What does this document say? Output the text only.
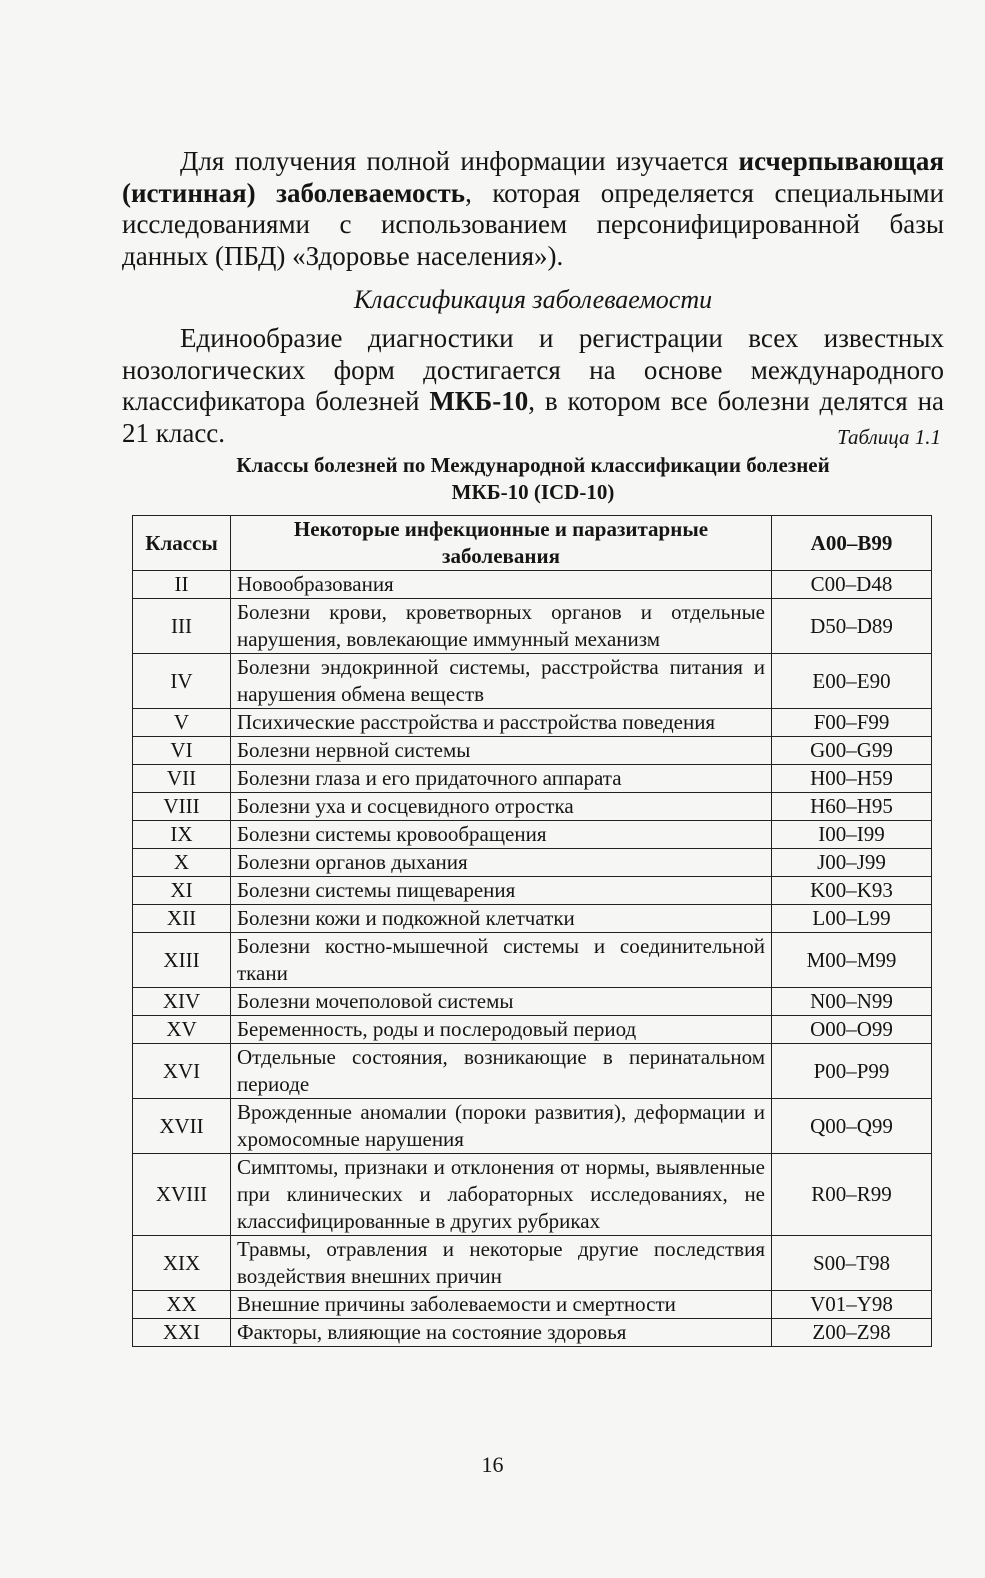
Для получения полной информации изучается исчерпывающая (истинная) заболеваемость, которая определяется специальными исследованиями с использованием персонифицированной базы данных (ПБД) «Здоровье населения»).

Классификация заболеваемости

Единообразие диагностики и регистрации всех известных нозологических форм достигается на основе международного классификатора болезней МКБ-10, в котором все болезни делятся на 21 класс.	Таблица 1.1
Классы болезней по Международной классификации болезней
МКБ-10 (ICD-10)
Классы	Некоторые инфекционные и паразитарные заболевания	A00–B99
II	Новообразования	C00–D48
III	Болезни крови, кроветворных органов и отдельные нарушения, вовлекающие иммунный механизм	D50–D89
IV	Болезни эндокринной системы, расстройства питания и нарушения обмена веществ	E00–E90
V	Психические расстройства и расстройства поведения	F00–F99
VI	Болезни нервной системы	G00–G99
VII	Болезни глаза и его придаточного аппарата	H00–H59
VIII	Болезни уха и сосцевидного отростка	H60–H95
IX	Болезни системы кровообращения	I00–I99
X	Болезни органов дыхания	J00–J99
XI	Болезни системы пищеварения	K00–K93
XII	Болезни кожи и подкожной клетчатки	L00–L99
XIII	Болезни костно-мышечной системы и соединительной ткани	M00–M99
XIV	Болезни мочеполовой системы	N00–N99
XV	Беременность, роды и послеродовый период	O00–O99
XVI	Отдельные состояния, возникающие в перинатальном периоде	P00–P99
XVII	Врожденные аномалии (пороки развития), деформации и хромосомные нарушения	Q00–Q99
XVIII	Симптомы, признаки и отклонения от нормы, выявленные при клинических и лабораторных исследованиях, не классифицированные в других рубриках	R00–R99
XIX	Травмы, отравления и некоторые другие последствия воздействия внешних причин	S00–T98
XX	Внешние причины заболеваемости и смертности	V01–Y98
XXI	Факторы, влияющие на состояние здоровья	Z00–Z98
16
